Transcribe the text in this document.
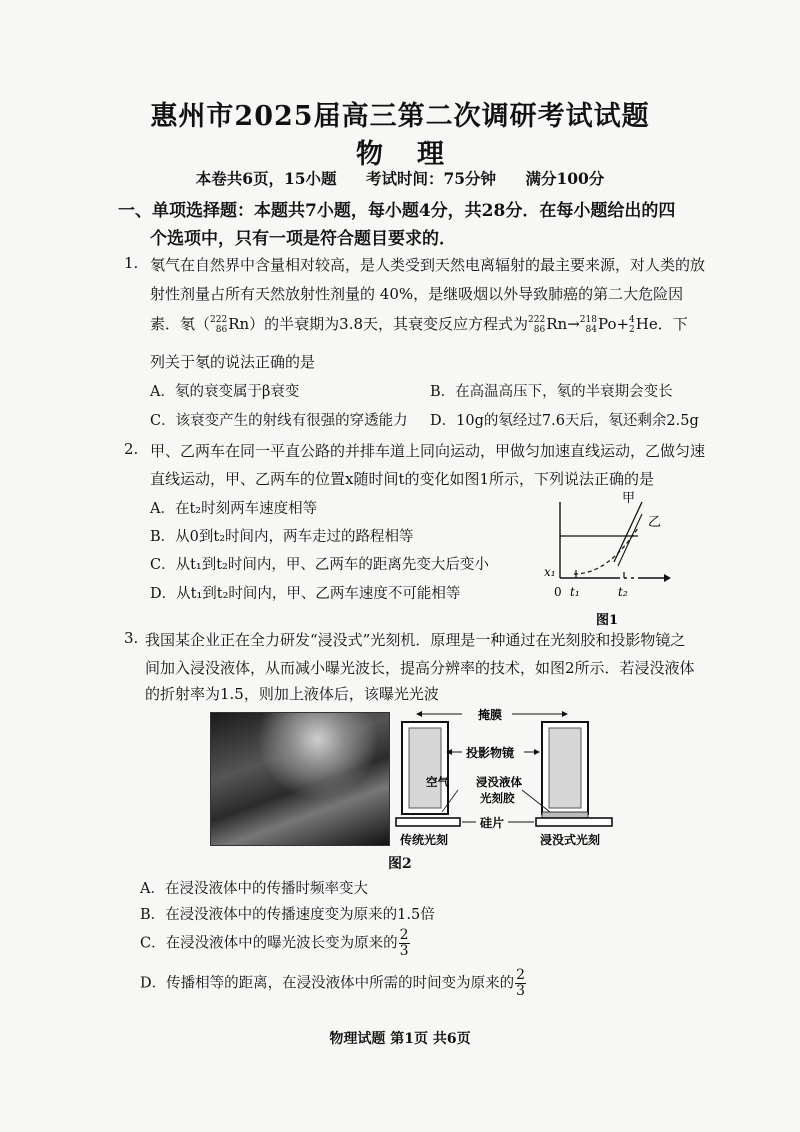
惠州市2025届高三第二次调研考试试题
物理
本卷共6页，15小题 考试时间：75分钟 满分100分
一、单项选择题：本题共7小题，每小题4分，共28分．在每小题给出的四
个选项中，只有一项是符合题目要求的．
1. 氡气在自然界中含量相对较高，是人类受到天然电离辐射的最主要来源，对人类的放
射性剂量占所有天然放射性剂量的 40%，是继吸烟以外导致肺癌的第二大危险因
素．氡（ 222
86 Rn）的半衰期为3.8天，其衰变反应方程式为 222
86 Rn→ 218
84 Po+ 4
2 He．下
列关于氡的说法正确的是
A．氡的衰变属于β衰变	B．在高温高压下，氡的半衰期会变长
C．该衰变产生的射线有很强的穿透能力 D．10g的氡经过7.6天后，氡还剩余2.5g
2. 甲、乙两车在同一平直公路的并排车道上同向运动，甲做匀加速直线运动，乙做匀速
直线运动，甲、乙两车的位置x随时间t的变化如图1所示，下列说法正确的是
A．在t₂时刻两车速度相等
B．从0到t₂时间内，两车走过的路程相等
C．从t₁到t₂时间内，甲、乙两车的距离先变大后变小
D．从t₁到t₂时间内，甲、乙两车速度不可能相等
甲
乙
x₁
0 t₁	t₂
图1
3. 我国某企业正在全力研发“浸没式”光刻机．原理是一种通过在光刻胶和投影物镜之
间加入浸没液体，从而减小曝光波长，提高分辨率的技术，如图2所示．若浸没液体
的折射率为1.5，则加上液体后，该曝光光波
掩膜
投影物镜
空气 浸没液体
光刻胶
硅片
传统光刻	浸没式光刻
图2
A．在浸没液体中的传播时频率变大
B．在浸没液体中的传播速度变为原来的1.5倍
C．在浸没液体中的曝光波长变为原来的 $\frac{2}{3}$
D．传播相等的距离，在浸没液体中所需的时间变为原来的 $\frac{2}{3}$
物理试题 第1页 共6页
